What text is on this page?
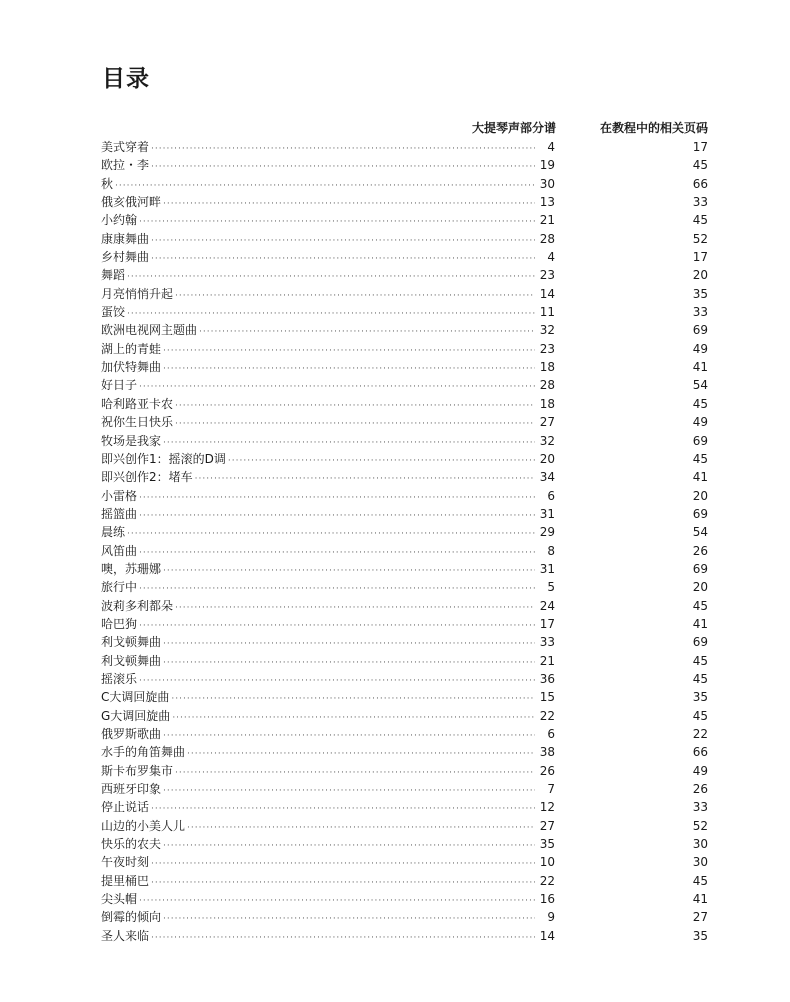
目录
大提琴声部分谱	在教程中的相关页码
美式穿着 ·····	4	17
欧拉・李 ·····	19	45
秋 ·····	30	66
俄亥俄河畔 ·····	13	33
小约翰 ·····	21	45
康康舞曲 ·····	28	52
乡村舞曲 ·····	4	17
舞蹈 ·····	23	20
月亮悄悄升起 ·····	14	35
蛋饺 ·····	11	33
欧洲电视网主题曲 ·····	32	69
湖上的青蛙 ·····	23	49
加伏特舞曲 ·····	18	41
好日子 ·····	28	54
哈利路亚卡农 ·····	18	45
祝你生日快乐 ·····	27	49
牧场是我家 ·····	32	69
即兴创作1：摇滚的D调 ·····	20	45
即兴创作2：堵车 ·····	34	41
小雷格 ·····	6	20
摇篮曲 ·····	31	69
晨练 ·····	29	54
风笛曲 ·····	8	26
噢，苏珊娜 ·····	31	69
旅行中 ·····	5	20
波莉多利都朵 ·····	24	45
哈巴狗 ·····	17	41
利戈顿舞曲 ·····	33	69
利戈顿舞曲 ·····	21	45
摇滚乐 ·····	36	45
C大调回旋曲 ·····	15	35
G大调回旋曲 ·····	22	45
俄罗斯歌曲 ·····	6	22
水手的角笛舞曲 ·····	38	66
斯卡布罗集市 ·····	26	49
西班牙印象 ·····	7	26
停止说话 ·····	12	33
山边的小美人儿 ·····	27	52
快乐的农夫 ·····	35	30
午夜时刻 ·····	10	30
提里桶巴 ·····	22	45
尖头帽 ·····	16	41
倒霉的倾向 ·····	9	27
圣人来临 ·····	14	35
